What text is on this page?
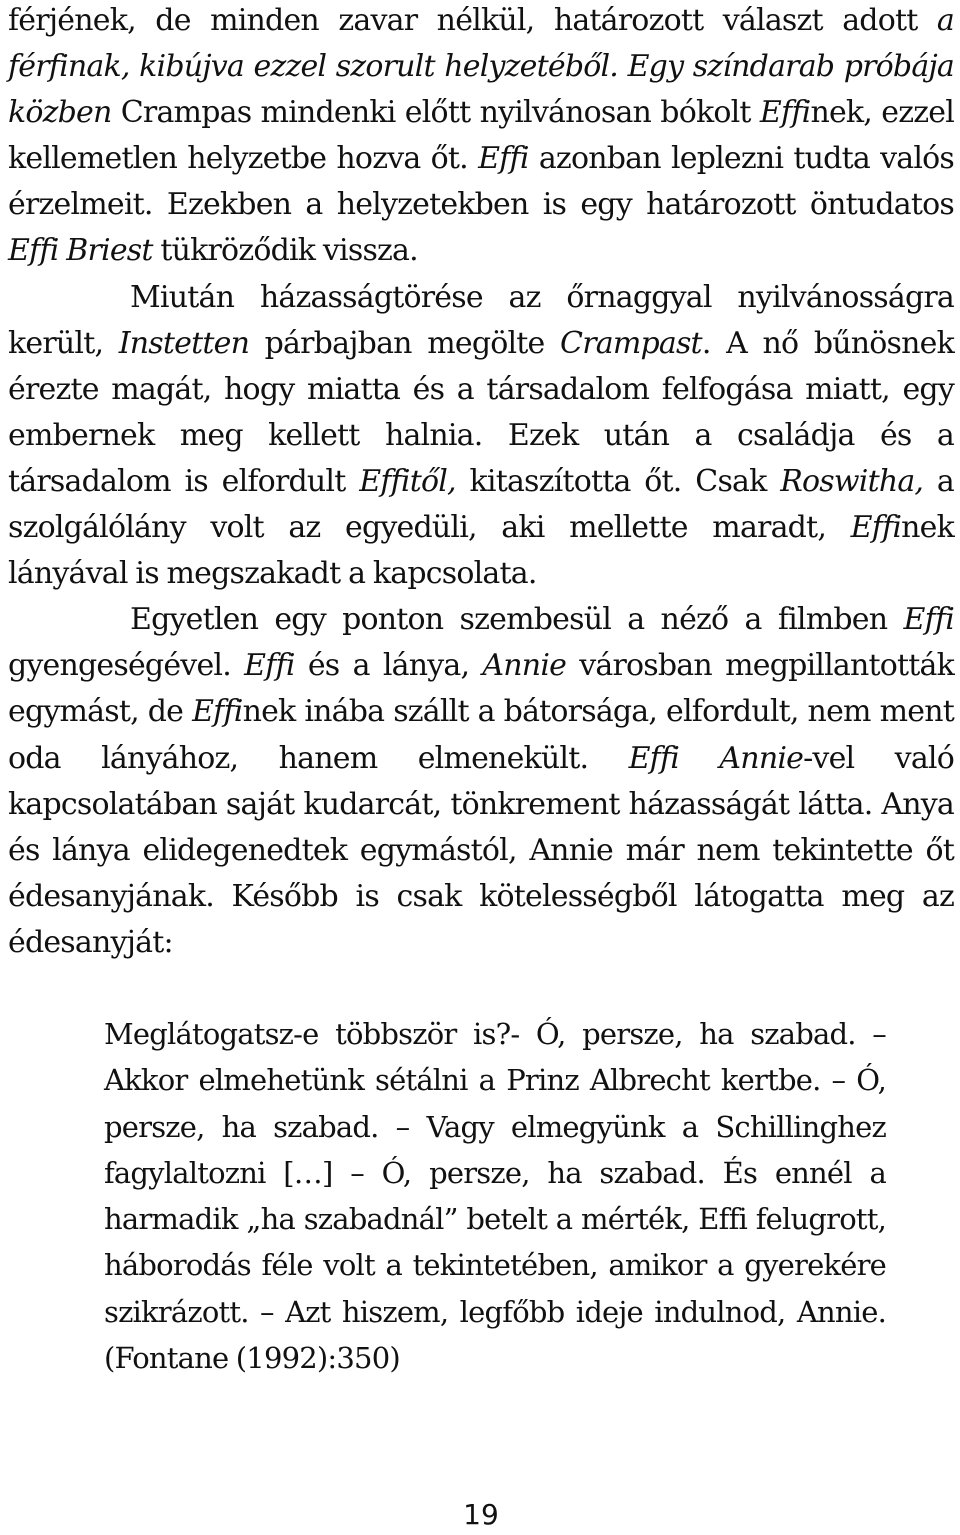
férjének, de minden zavar nélkül, határozott választ adott a férfinak, kibújva ezzel szorult helyzetéből. Egy színdarab próbája közben Crampas mindenki előtt nyilvánosan bókolt Effinek, ezzel kellemetlen helyzetbe hozva őt. Effi azonban leplezni tudta valós érzelmeit. Ezekben a helyzetekben is egy határozott öntudatos Effi Briest tükröződik vissza.

Miután házasságtörése az őrnaggyal nyilvánosságra került, Instetten párbajban megölte Crampast. A nő bűnösnek érezte magát, hogy miatta és a társadalom felfogása miatt, egy embernek meg kellett halnia. Ezek után a családja és a társadalom is elfordult Effitől, kitaszította őt. Csak Roswitha, a szolgálólány volt az egyedüli, aki mellette maradt, Effinek lányával is megszakadt a kapcsolata.

Egyetlen egy ponton szembesül a néző a filmben Effi gyengeségével. Effi és a lánya, Annie városban megpillantották egymást, de Effinek inába szállt a bátorsága, elfordult, nem ment oda lányához, hanem elmenekült. Effi Annie-vel való kapcsolatában saját kudarcát, tönkrement házasságát látta. Anya és lánya elidegenedtek egymástól, Annie már nem tekintette őt édesanyjának. Később is csak kötelességből látogatta meg az édesanyját:

Meglátogatsz-e többször is?- Ó, persze, ha szabad. – Akkor elmehetünk sétálni a Prinz Albrecht kertbe. – Ó, persze, ha szabad. – Vagy elmegyünk a Schillinghez fagylaltozni […] – Ó, persze, ha szabad. És ennél a harmadik „ha szabadnál” betelt a mérték, Effi felugrott, háborodás féle volt a tekintetében, amikor a gyerekére szikrázott. – Azt hiszem, legfőbb ideje indulnod, Annie. (Fontane (1992):350)

19
